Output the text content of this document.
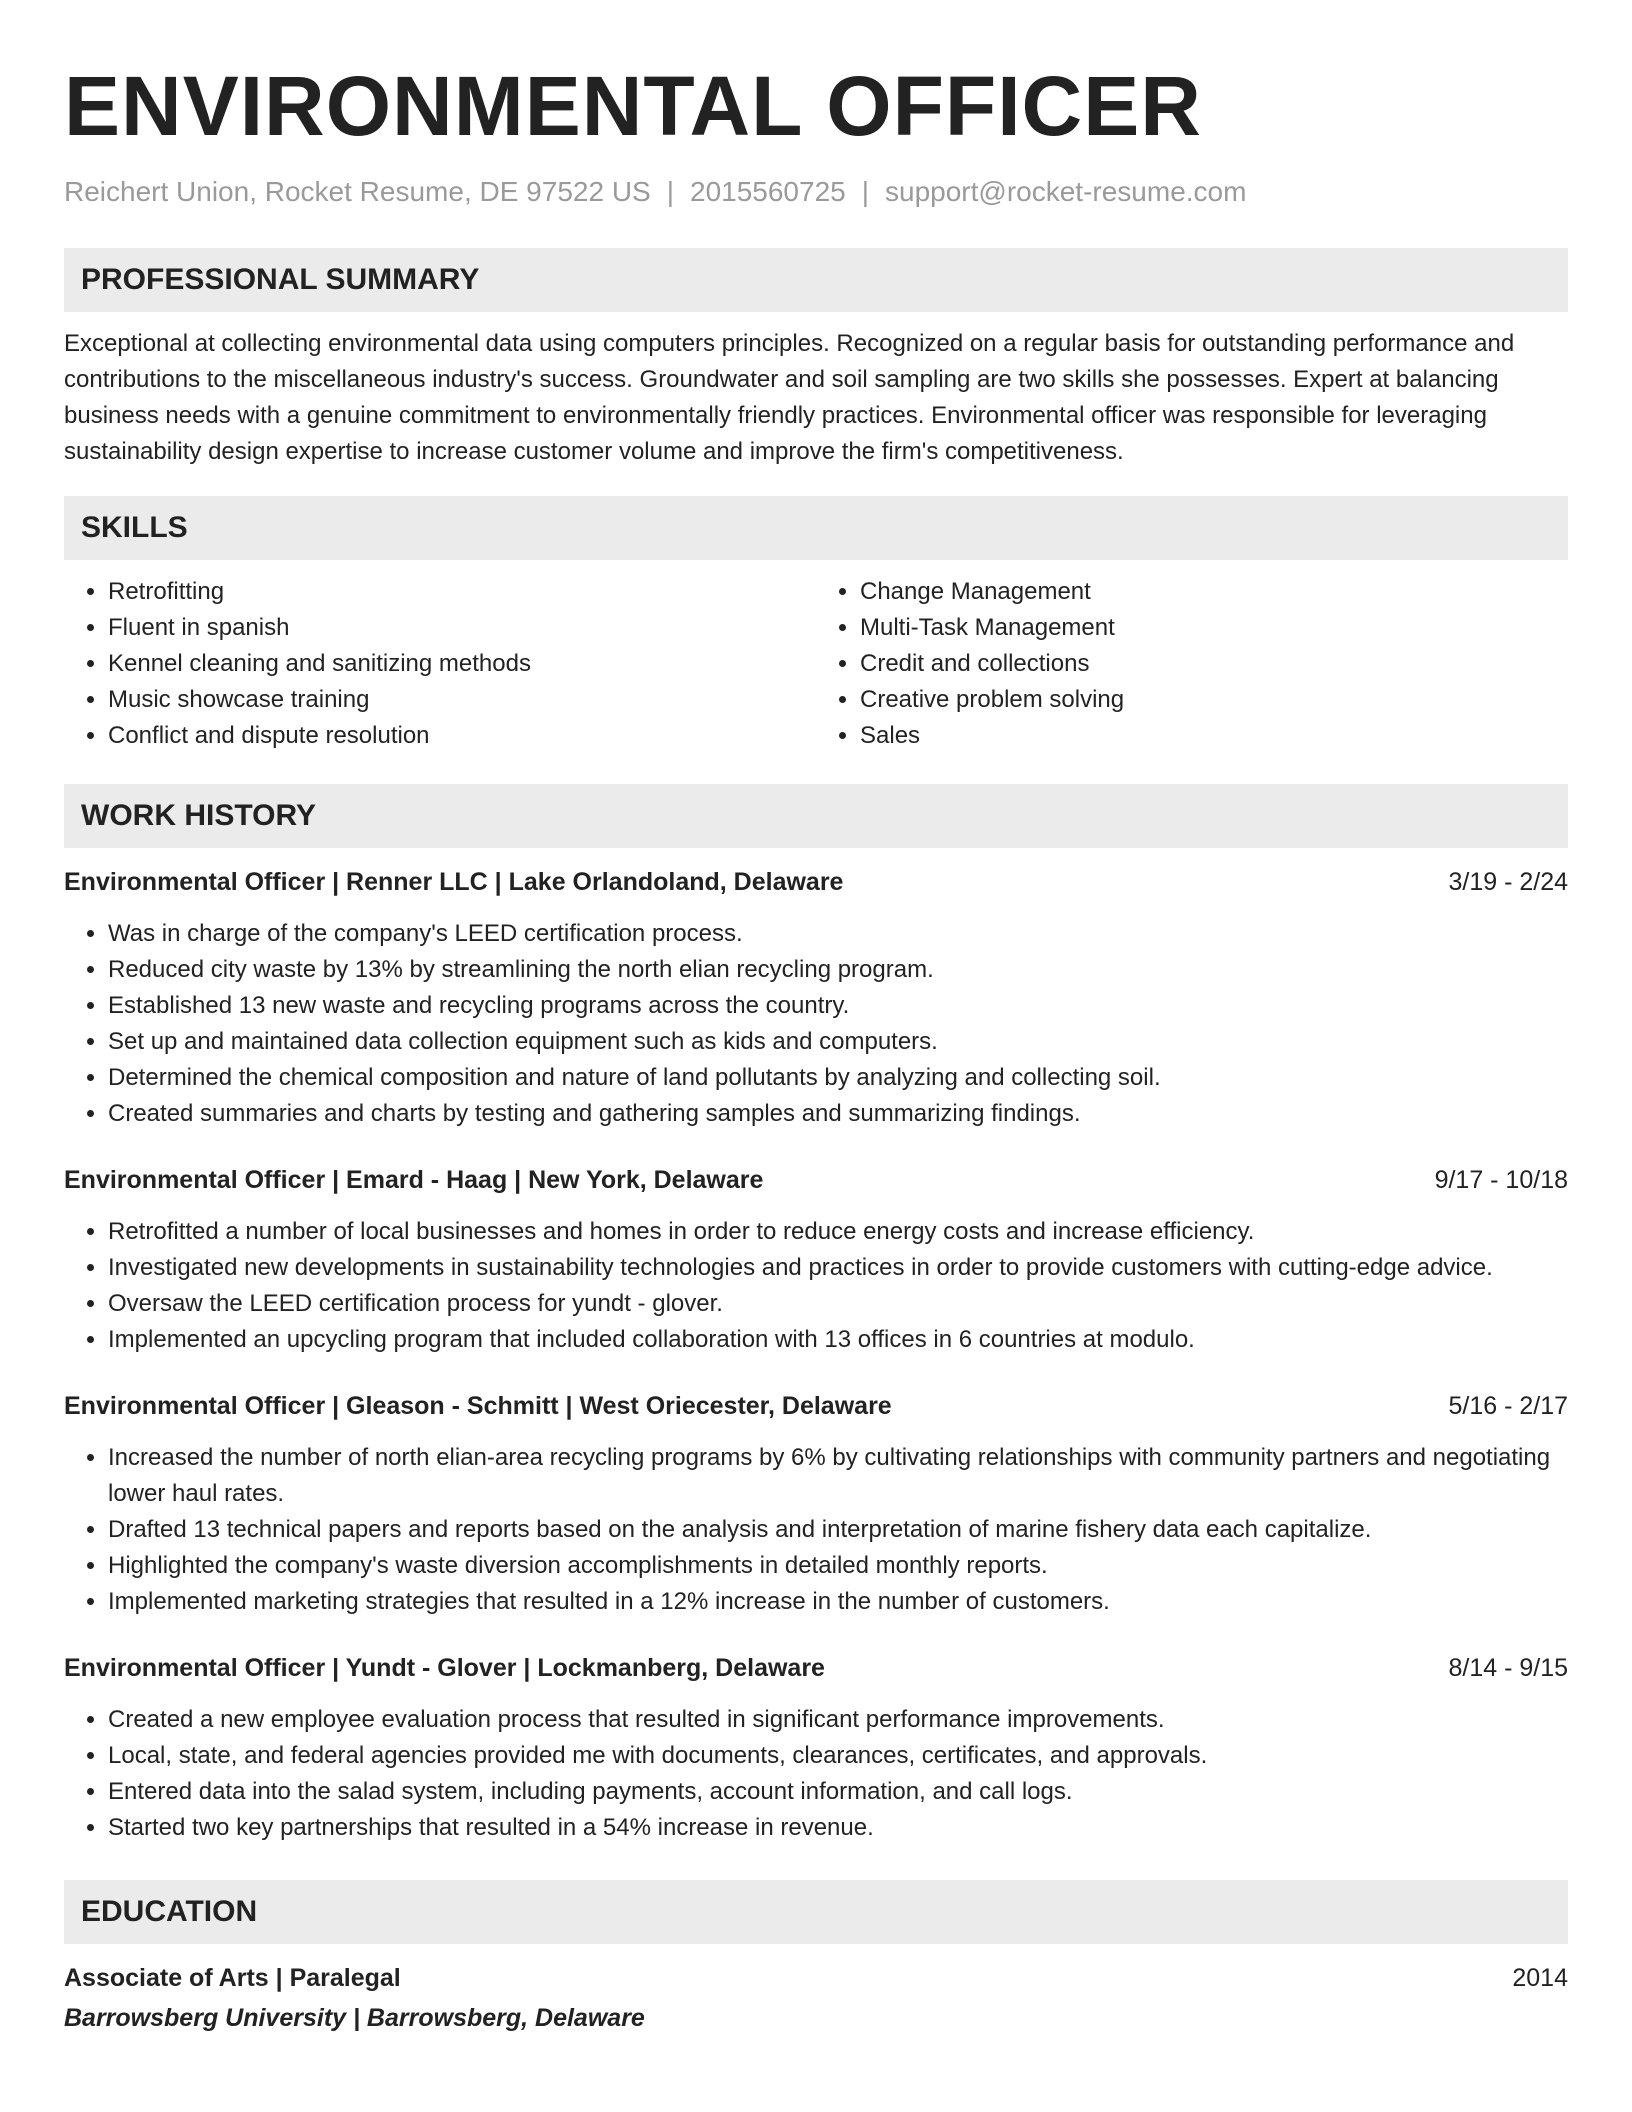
ENVIRONMENTAL OFFICER
Reichert Union, Rocket Resume, DE 97522 US | 2015560725 | support@rocket-resume.com
PROFESSIONAL SUMMARY
Exceptional at collecting environmental data using computers principles. Recognized on a regular basis for outstanding performance and contributions to the miscellaneous industry's success. Groundwater and soil sampling are two skills she possesses. Expert at balancing business needs with a genuine commitment to environmentally friendly practices. Environmental officer was responsible for leveraging sustainability design expertise to increase customer volume and improve the firm's competitiveness.
SKILLS
• Retrofitting
• Fluent in spanish
• Kennel cleaning and sanitizing methods
• Music showcase training
• Conflict and dispute resolution
• Change Management
• Multi-Task Management
• Credit and collections
• Creative problem solving
• Sales
WORK HISTORY
Environmental Officer | Renner LLC | Lake Orlandoland, Delaware	3/19 - 2/24
• Was in charge of the company's LEED certification process.
• Reduced city waste by 13% by streamlining the north elian recycling program.
• Established 13 new waste and recycling programs across the country.
• Set up and maintained data collection equipment such as kids and computers.
• Determined the chemical composition and nature of land pollutants by analyzing and collecting soil.
• Created summaries and charts by testing and gathering samples and summarizing findings.
Environmental Officer | Emard - Haag | New York, Delaware	9/17 - 10/18
• Retrofitted a number of local businesses and homes in order to reduce energy costs and increase efficiency.
• Investigated new developments in sustainability technologies and practices in order to provide customers with cutting-edge advice.
• Oversaw the LEED certification process for yundt - glover.
• Implemented an upcycling program that included collaboration with 13 offices in 6 countries at modulo.
Environmental Officer | Gleason - Schmitt | West Oriecester, Delaware	5/16 - 2/17
• Increased the number of north elian-area recycling programs by 6% by cultivating relationships with community partners and negotiating lower haul rates.
• Drafted 13 technical papers and reports based on the analysis and interpretation of marine fishery data each capitalize.
• Highlighted the company's waste diversion accomplishments in detailed monthly reports.
• Implemented marketing strategies that resulted in a 12% increase in the number of customers.
Environmental Officer | Yundt - Glover | Lockmanberg, Delaware	8/14 - 9/15
• Created a new employee evaluation process that resulted in significant performance improvements.
• Local, state, and federal agencies provided me with documents, clearances, certificates, and approvals.
• Entered data into the salad system, including payments, account information, and call logs.
• Started two key partnerships that resulted in a 54% increase in revenue.
EDUCATION
Associate of Arts | Paralegal	2014
Barrowsberg University | Barrowsberg, Delaware
